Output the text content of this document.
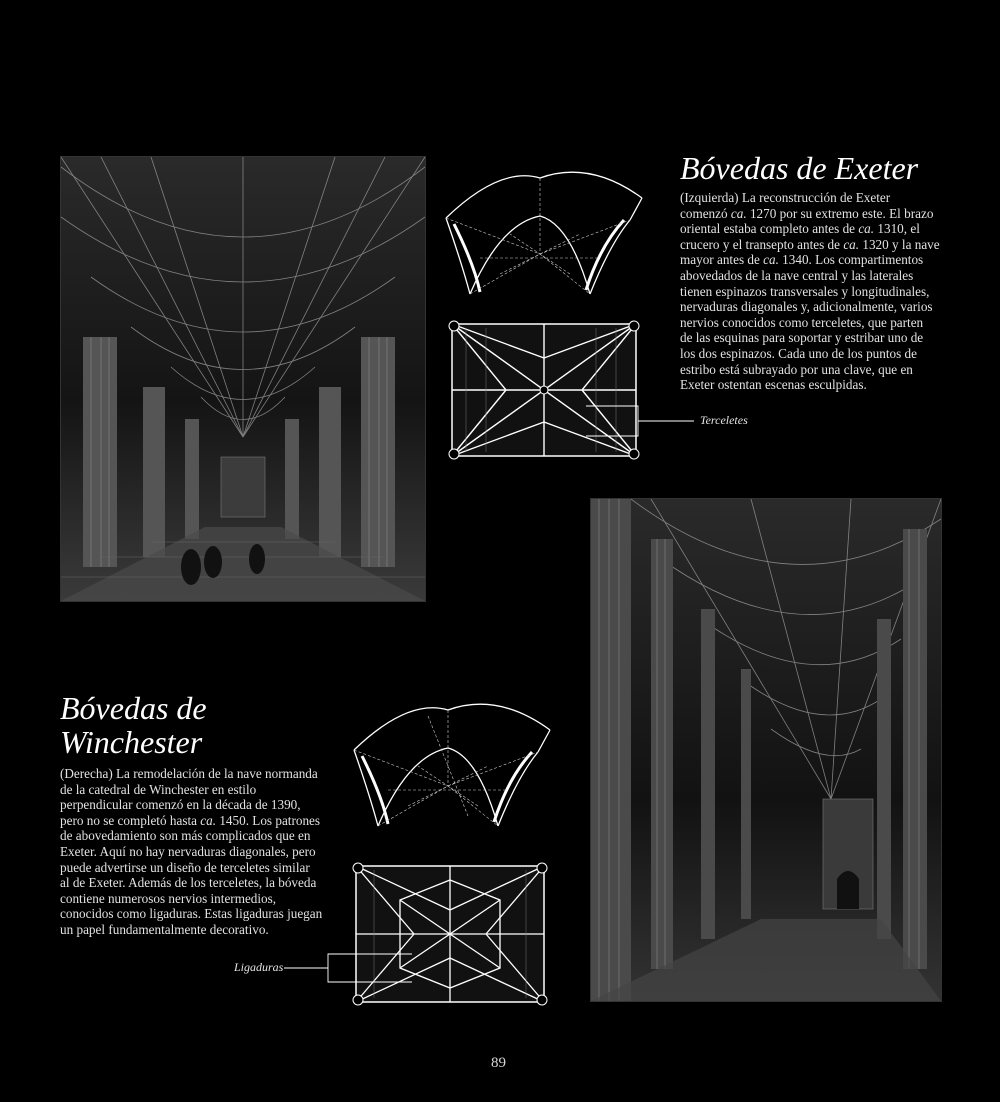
Terceletes
Bóvedas de Exeter

(Izquierda) La reconstrucción de Exeter
comenzó ca. 1270 por su extremo este. El brazo
oriental estaba completo antes de ca. 1310, el
crucero y el transepto antes de ca. 1320 y la nave
mayor antes de ca. 1340. Los compartimentos
abovedados de la nave central y las laterales
tienen espinazos transversales y longitudinales,
nervaduras diagonales y, adicionalmente, varios
nervios conocidos como terceletes, que parten
de las esquinas para soportar y estribar uno de
los dos espinazos. Cada uno de los puntos de
estribo está subrayado por una clave, que en
Exeter ostentan escenas esculpidas.

Ligaduras
Bóvedas de
Winchester

(Derecha) La remodelación de la nave normanda
de la catedral de Winchester en estilo
perpendicular comenzó en la década de 1390,
pero no se completó hasta ca. 1450. Los patrones
de abovedamiento son más complicados que en
Exeter. Aquí no hay nervaduras diagonales, pero
puede advertirse un diseño de terceletes similar
al de Exeter. Además de los terceletes, la bóveda
contiene numerosos nervios intermedios,
conocidos como ligaduras. Estas ligaduras juegan
un papel fundamentalmente decorativo.

89
